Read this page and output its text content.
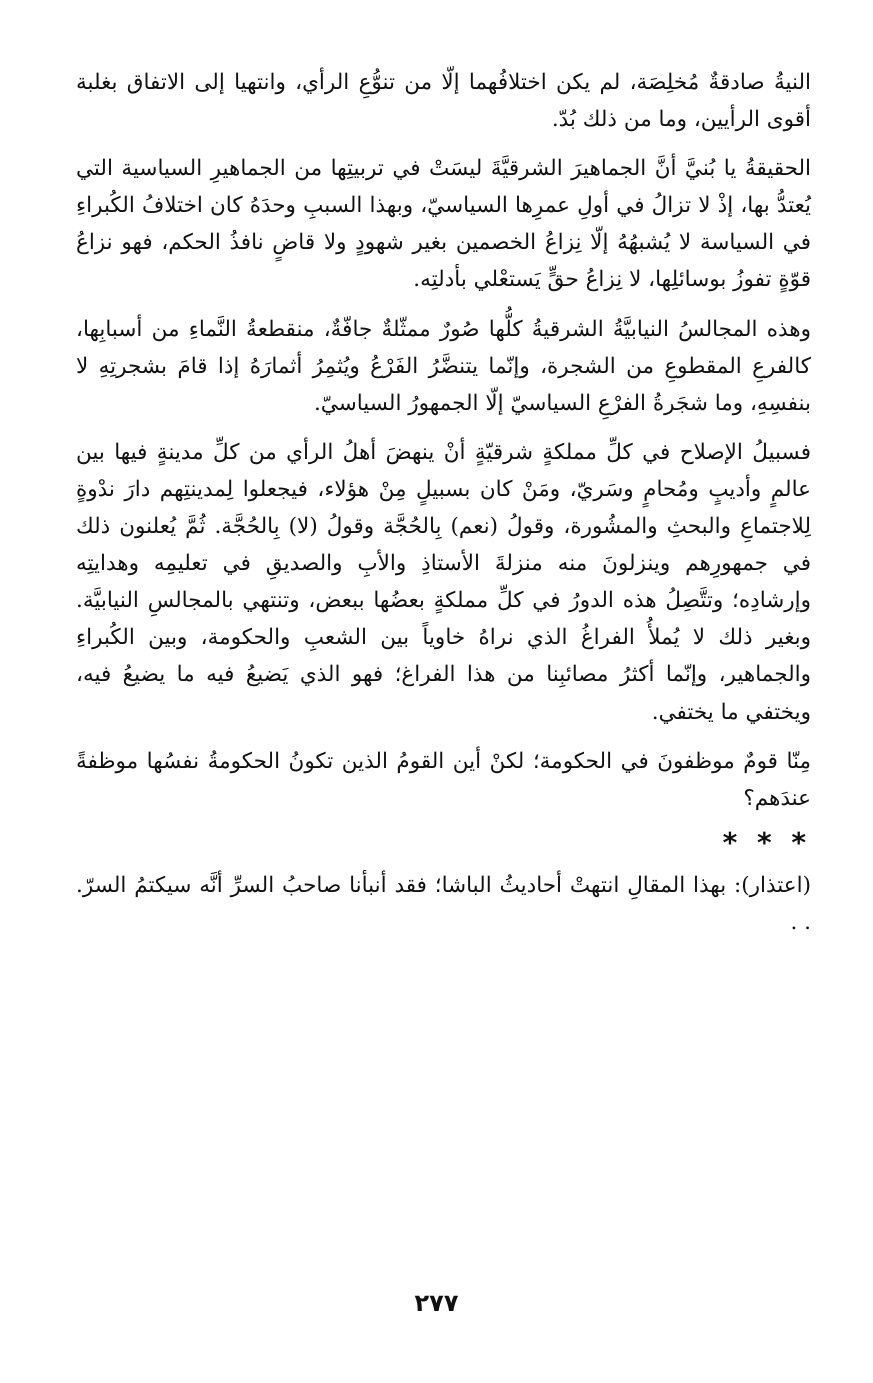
النيةُ صادقةٌ مُخلِصَة، لم يكن اختلافُهما إلّا من تنوُّعِ الرأي، وانتهيا إلى الاتفاق بغلبة أقوى الرأيين، وما من ذلك بُدّ.

الحقيقةُ يا بُنيَّ أنَّ الجماهيرَ الشرقيَّةَ ليسَتْ في تربيتِها من الجماهيرِ السياسية التي يُعتدُّ بها، إذْ لا تزالُ في أولِ عمرِها السياسيّ، وبهذا السببِ وحدَهُ كان اختلافُ الكُبراءِ في السياسة لا يُشبهُهُ إلّا نِزاعُ الخصمين بغير شهودٍ ولا قاضٍ نافذُ الحكم، فهو نزاعُ قوّةٍ تفوزُ بوسائلِها، لا نِزاعُ حقٍّ يَستعْلي بأدلتِه.

وهذه المجالسُ النيابيَّةُ الشرقيةُ كلُّها صُورٌ ممثّلةٌ جافّةٌ، منقطعةُ النَّماءِ من أسبابِها، كالفرعِ المقطوعِ من الشجرة، وإنّما يتنضَّرُ الفَرْعُ ويُثمِرُ أثمارَهُ إذا قامَ بشجرتِهِ لا بنفسِهِ، وما شجَرةُ الفرْعِ السياسيّ إلّا الجمهورُ السياسيّ.

فسبيلُ الإصلاح في كلِّ مملكةٍ شرقيّةٍ أنْ ينهضَ أهلُ الرأي من كلِّ مدينةٍ فيها بين عالمٍ وأديبٍ ومُحامٍ وسَريّ، ومَنْ كان بسبيلٍ مِنْ هؤلاء، فيجعلوا لِمدينتِهم دارَ ندْوةٍ لِلاجتماعِ والبحثِ والمشُورة، وقولُ (نعم) بِالحُجَّة وقولُ (لا) بِالحُجَّة. ثُمَّ يُعلنون ذلك في جمهورِهم وينزلونَ منه منزلةَ الأستاذِ والأبِ والصديقِ في تعليمِه وهدايتِه وإرشادِه؛ وتتَّصِلُ هذه الدورُ في كلِّ مملكةٍ بعضُها ببعض، وتنتهي بالمجالسِ النيابيَّة. وبغير ذلك لا يُملأُ الفراغُ الذي نراهُ خاوياً بين الشعبِ والحكومة، وبين الكُبراءِ والجماهير، وإنّما أكثرُ مصائبِنا من هذا الفراغ؛ فهو الذي يَضيعُ فيه ما يضيعُ فيه، ويختفي ما يختفي.

مِنّا قومٌ موظفونَ في الحكومة؛ لكنْ أين القومُ الذين تكونُ الحكومةُ نفسُها موظفةً عندَهم؟

* * *

(اعتذار): بهذا المقالِ انتهتْ أحاديثُ الباشا؛ فقد أنبأنا صاحبُ السرِّ أنَّه سيكتمُ السرّ. . .

٢٧٧
